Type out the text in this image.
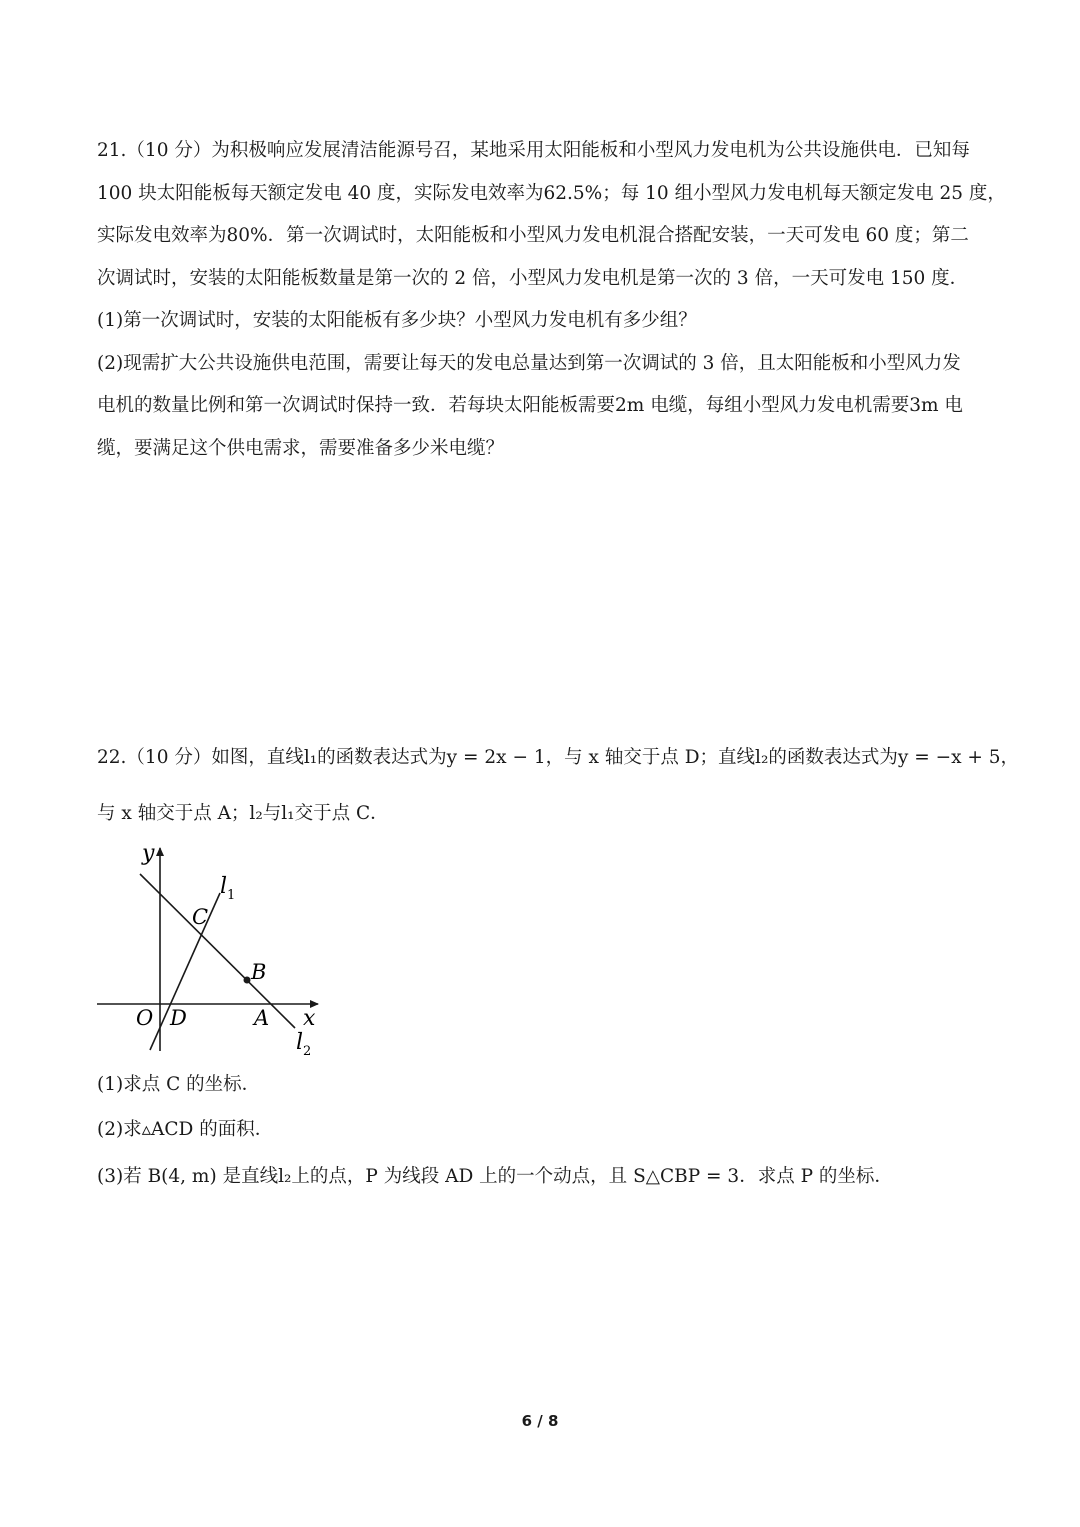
21.（10 分）为积极响应发展清洁能源号召，某地采用太阳能板和小型风力发电机为公共设施供电．已知每
100 块太阳能板每天额定发电 40 度，实际发电效率为62.5%；每 10 组小型风力发电机每天额定发电 25 度，
实际发电效率为80%．第一次调试时，太阳能板和小型风力发电机混合搭配安装，一天可发电 60 度；第二
次调试时，安装的太阳能板数量是第一次的 2 倍，小型风力发电机是第一次的 3 倍，一天可发电 150 度．
(1)第一次调试时，安装的太阳能板有多少块？小型风力发电机有多少组？
(2)现需扩大公共设施供电范围，需要让每天的发电总量达到第一次调试的 3 倍，且太阳能板和小型风力发
电机的数量比例和第一次调试时保持一致．若每块太阳能板需要2m 电缆，每组小型风力发电机需要3m 电
缆，要满足这个供电需求，需要准备多少米电缆？
22.（10 分）如图，直线l₁的函数表达式为y = 2x − 1，与 x 轴交于点 D；直线l₂的函数表达式为y = −x + 5，
与 x 轴交于点 A；l₂与l₁交于点 C．
y
x
O D	A
B
C
$l_1$
$l_2$
(1)求点 C 的坐标．
(2)求▵ACD 的面积．
(3)若 B(4, m) 是直线l₂上的点，P 为线段 AD 上的一个动点，且 S△CBP = 3．求点 P 的坐标．
6 / 8
